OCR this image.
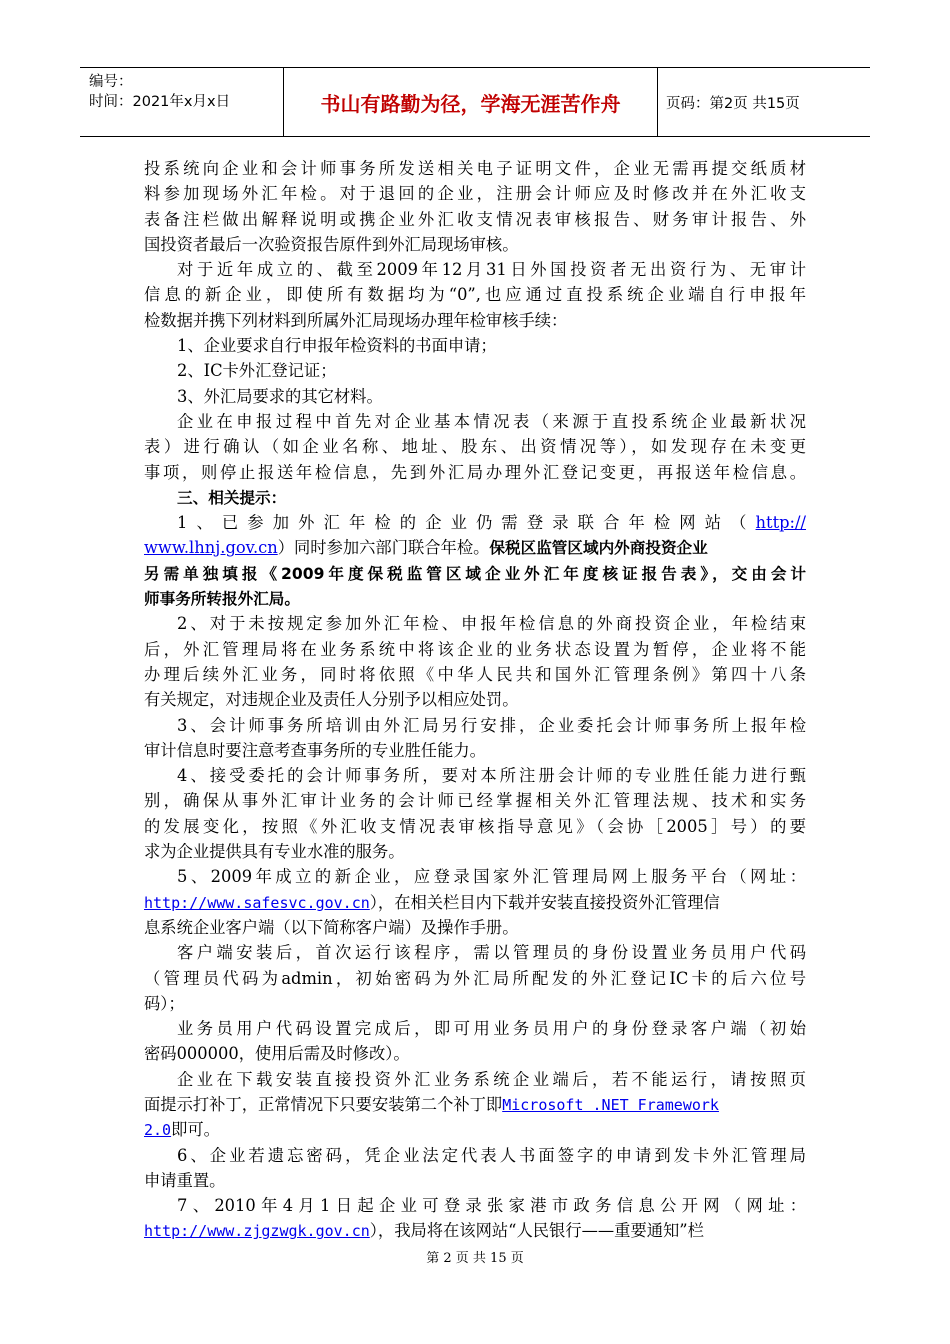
编号：
时间：2021年x月x日	书山有路勤为径，学海无涯苦作舟	页码：第2页 共15页
投系统向企业和会计师事务所发送相关电子证明文件，企业无需再提交纸质材
料参加现场外汇年检。对于退回的企业，注册会计师应及时修改并在外汇收支
表备注栏做出解释说明或携企业外汇收支情况表审核报告、财务审计报告、外
国投资者最后一次验资报告原件到外汇局现场审核。
对于近年成立的、截至2009年12月31日外国投资者无出资行为、无审计
信息的新企业，即使所有数据均为“0”,也应通过直投系统企业端自行申报年
检数据并携下列材料到所属外汇局现场办理年检审核手续：
1、企业要求自行申报年检资料的书面申请；
2、IC卡外汇登记证；
3、外汇局要求的其它材料。
企业在申报过程中首先对企业基本情况表（来源于直投系统企业最新状况
表）进行确认（如企业名称、地址、股东、出资情况等），如发现存在未变更
事项，则停止报送年检信息，先到外汇局办理外汇登记变更，再报送年检信息。
三、相关提示：
1、已参加外汇年检的企业仍需登录联合年检网站（http://
www.lhnj.gov.cn）同时参加六部门联合年检。保税区监管区域内外商投资企业
另需单独填报《2009年度保税监管区域企业外汇年度核证报告表》，交由会计
师事务所转报外汇局。
2、对于未按规定参加外汇年检、申报年检信息的外商投资企业，年检结束
后，外汇管理局将在业务系统中将该企业的业务状态设置为暂停，企业将不能
办理后续外汇业务，同时将依照《中华人民共和国外汇管理条例》第四十八条
有关规定，对违规企业及责任人分别予以相应处罚。
3、会计师事务所培训由外汇局另行安排，企业委托会计师事务所上报年检
审计信息时要注意考查事务所的专业胜任能力。
4、接受委托的会计师事务所，要对本所注册会计师的专业胜任能力进行甄
别，确保从事外汇审计业务的会计师已经掌握相关外汇管理法规、技术和实务
的发展变化，按照《外汇收支情况表审核指导意见》（会协［2005］号）的要
求为企业提供具有专业水准的服务。
5、2009年成立的新企业，应登录国家外汇管理局网上服务平台（网址：
http://www.safesvc.gov.cn），在相关栏目内下载并安装直接投资外汇管理信
息系统企业客户端（以下简称客户端）及操作手册。
客户端安装后，首次运行该程序，需以管理员的身份设置业务员用户代码
（管理员代码为admin，初始密码为外汇局所配发的外汇登记IC卡的后六位号
码）；
业务员用户代码设置完成后，即可用业务员用户的身份登录客户端（初始
密码000000，使用后需及时修改）。
企业在下载安装直接投资外汇业务系统企业端后，若不能运行，请按照页
面提示打补丁，正常情况下只要安装第二个补丁即Microsoft .NET Framework
2.0即可。
6、企业若遗忘密码，凭企业法定代表人书面签字的申请到发卡外汇管理局
申请重置。
7、2010年4月1日起企业可登录张家港市政务信息公开网（网址：
http://www.zjgzwgk.gov.cn），我局将在该网站“人民银行——重要通知”栏
第 2 页 共 15 页
